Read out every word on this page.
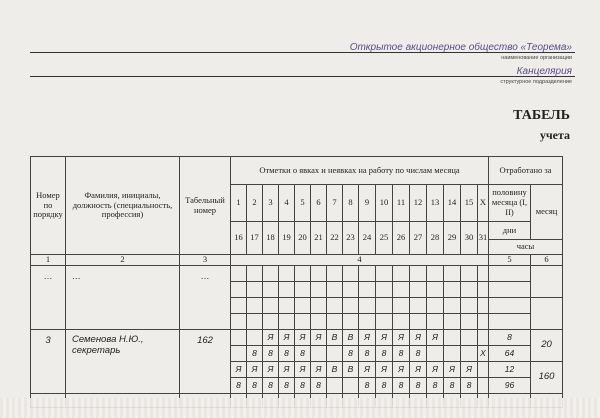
Открытое акционерное общество «Теорема»
наименование организации
Канцелярия
структурное подразделение
ТАБЕЛЬ
учета
Номер по порядку	Фамилия, инициалы, должность (специальность, профессия)	Табельный номер	Отметки о явках и неявках на работу по числам месяца																Отработано за	
			1	2	3	4	5	6	7	8	9	10	11	12	13	14	15	X	половину месяца (I, II)	месяц
			16	17	18	19	20	21	22	23	24	25	26	27	28	29	30	31	дни	
																			часы	
1	2	3	4																5	6
…	…	…																		

3	Семенова Н.Ю., секретарь	162			Я	Я	Я	Я	В	В	Я	Я	Я	Я	Я				8	20
				8	8	8	8			8	8	8	8	8				X	64	
			Я	Я	Я	Я	Я	Я	В	В	Я	Я	Я	Я	Я	Я	Я		12	160
			8	8	8	8	8	8			8	8	8	8	8	8	8		96	
